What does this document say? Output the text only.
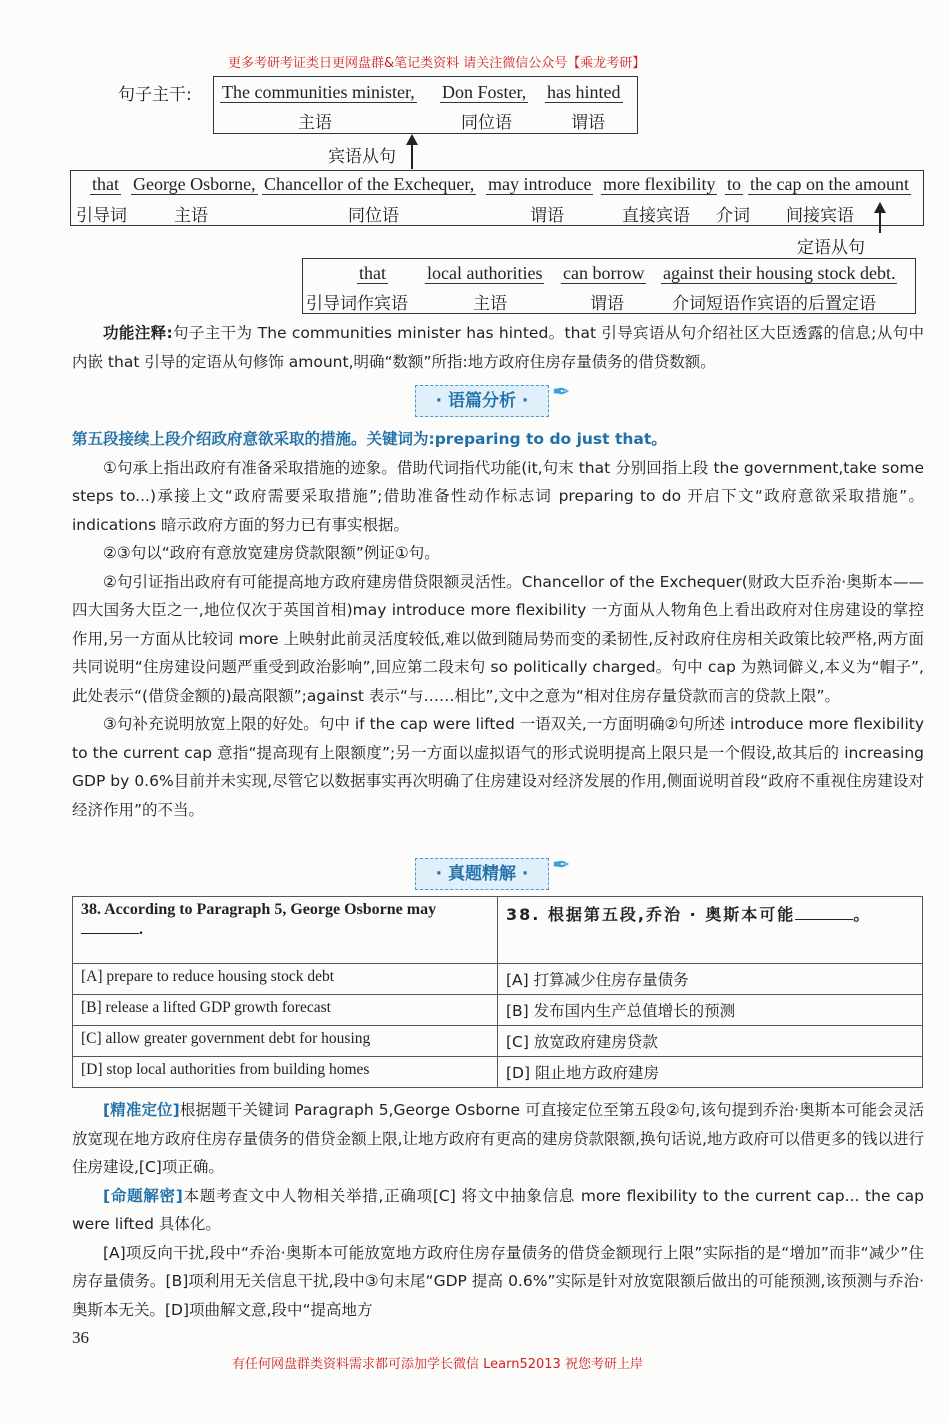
更多考研考证类日更网盘群&笔记类资料 请关注微信公众号【乘龙考研】
句子主干: The communities minister, Don Foster, has hinted
主语	同位语	谓语
宾语从句
that George Osborne, Chancellor of the Exchequer, may introduce more flexibility to the cap on the amount
引导词	主语	同位语	谓语	直接宾语 介词 间接宾语
定语从句
that local authorities can borrow against their housing stock debt.
引导词作宾语	主语	谓语	介词短语作宾语的后置定语

功能注释:句子主干为 The communities minister has hinted。that 引导宾语从句介绍社区大臣透露的信息;从句中内嵌 that 引导的定语从句修饰 amount,明确“数额”所指:地方政府住房存量债务的借贷数额。

· 语篇分析 ·	✒

第五段接续上段介绍政府意欲采取的措施。关键词为:preparing to do just that。

①句承上指出政府有准备采取措施的迹象。借助代词指代功能(it,句末 that 分别回指上段 the government,take some steps to...)承接上文“政府需要采取措施”;借助准备性动作标志词 preparing to do 开启下文“政府意欲采取措施”。indications 暗示政府方面的努力已有事实根据。

②③句以“政府有意放宽建房贷款限额”例证①句。

②句引证指出政府有可能提高地方政府建房借贷限额灵活性。Chancellor of the Exchequer(财政大臣乔治·奥斯本——四大国务大臣之一,地位仅次于英国首相)may introduce more flexibility 一方面从人物角色上看出政府对住房建设的掌控作用,另一方面从比较词 more 上映射此前灵活度较低,难以做到随局势而变的柔韧性,反衬政府住房相关政策比较严格,两方面共同说明“住房建设问题严重受到政治影响”,回应第二段末句 so politically charged。句中 cap 为熟词僻义,本义为“帽子”,此处表示“(借贷金额的)最高限额”;against 表示“与……相比”,文中之意为“相对住房存量贷款而言的贷款上限”。

③句补充说明放宽上限的好处。句中 if the cap were lifted 一语双关,一方面明确②句所述 introduce more flexibility to the current cap 意指“提高现有上限额度”;另一方面以虚拟语气的形式说明提高上限只是一个假设,故其后的 increasing GDP by 0.6%目前并未实现,尽管它以数据事实再次明确了住房建设对经济发展的作用,侧面说明首段“政府不重视住房建设对经济作用”的不当。

· 真题精解 ·	✒
38. According to Paragraph 5, George Osborne may .	38. 根据第五段,乔治 · 奥斯本可能 。
[A] prepare to reduce housing stock debt	[A] 打算减少住房存量债务
[B] release a lifted GDP growth forecast	[B] 发布国内生产总值增长的预测
[C] allow greater government debt for housing	[C] 放宽政府建房贷款
[D] stop local authorities from building homes	[D] 阻止地方政府建房

[精准定位]根据题干关键词 Paragraph 5,George Osborne 可直接定位至第五段②句,该句提到乔治·奥斯本可能会灵活放宽现在地方政府住房存量债务的借贷金额上限,让地方政府有更高的建房贷款限额,换句话说,地方政府可以借更多的钱以进行住房建设,[C]项正确。

[命题解密]本题考查文中人物相关举措,正确项[C] 将文中抽象信息 more flexibility to the current cap... the cap were lifted 具体化。

[A]项反向干扰,段中“乔治·奥斯本可能放宽地方政府住房存量债务的借贷金额现行上限”实际指的是“增加”而非“减少”住房存量债务。[B]项利用无关信息干扰,段中③句末尾“GDP 提高 0.6%”实际是针对放宽限额后做出的可能预测,该预测与乔治·奥斯本无关。[D]项曲解文意,段中“提高地方

36
有任何网盘群类资料需求都可添加学长微信 Learn52013 祝您考研上岸
